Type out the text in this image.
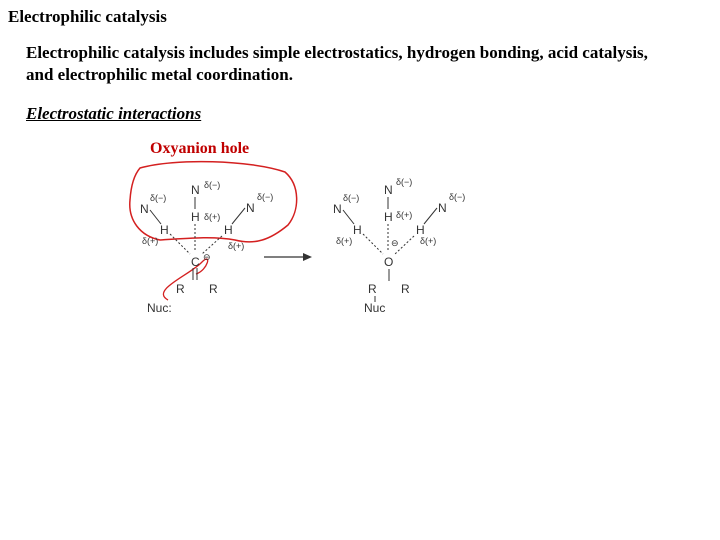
Electrophilic catalysis
Electrophilic catalysis includes simple electrostatics, hydrogen bonding, acid catalysis,
and electrophilic metal coordination.
Electrostatic interactions
Oxyanion hole
N δ(−)
H δ(+)
N
δ(−)
H
δ(+)
N
δ(−)
H
δ(+)
C ⊖
R R
Nuc:
N
δ(−)
H δ(+)
N
δ(−)
H
δ(+)
N
δ(−)
H
δ(+)
⊖
O
R R
Nuc
